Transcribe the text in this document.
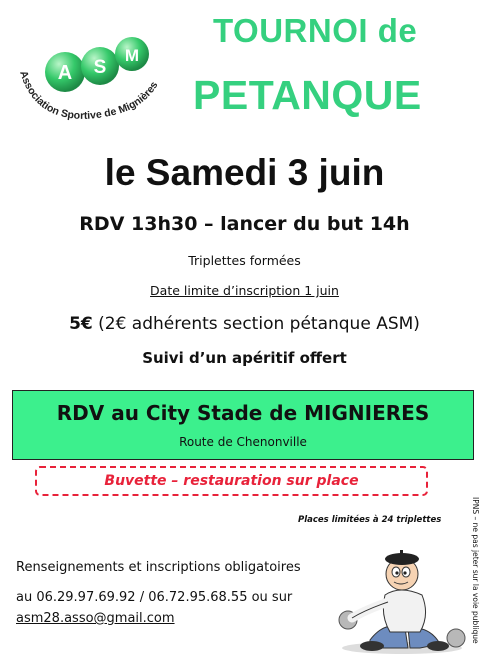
A S
M
Association Sportive de Mignières
TOURNOI de
PETANQUE
le Samedi 3 juin
RDV 13h30 – lancer du but 14h
Triplettes formées
Date limite d’inscription 1 juin
5€ (2€ adhérents section pétanque ASM)
Suivi d’un apéritif offert
RDV au City Stade de MIGNIERES
Route de Chenonville
Buvette – restauration sur place
Places limitées à 24 triplettes	IPNS – ne pas jeter sur la voie publique
Renseignements et inscriptions obligatoires
au 06.29.97.69.92 / 06.72.95.68.55 ou sur
asm28.asso@gmail.com
